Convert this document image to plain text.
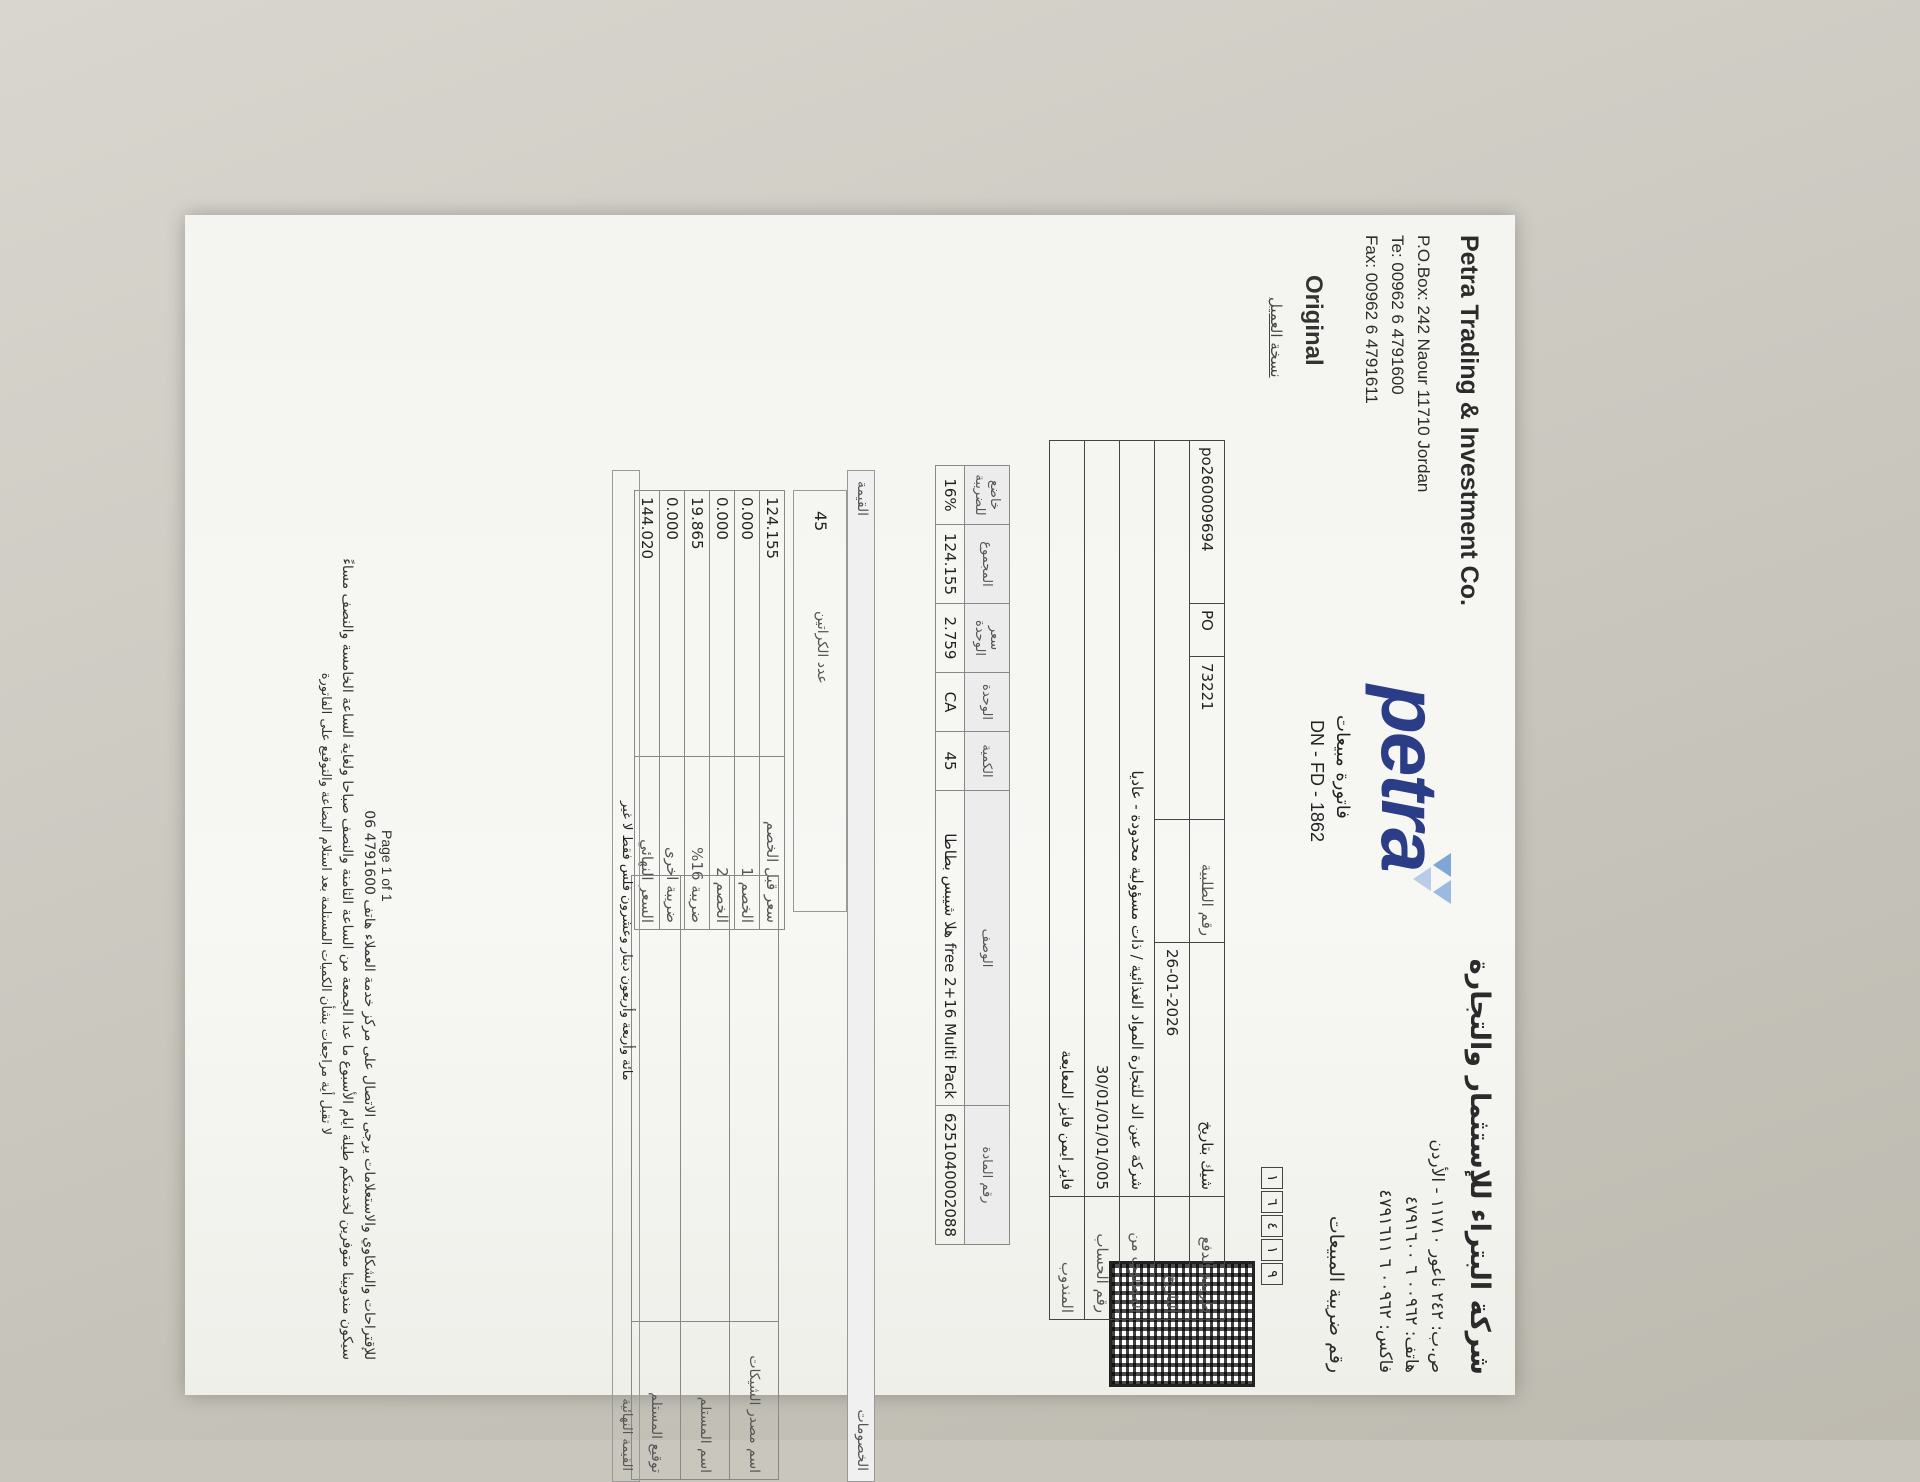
Petra Trading & Investment Co.
P.O.Box: 242 Naour 11710 Jordan
Te: 00962 6 4791600
Fax: 00962 6 4791611
Original
نسخة العميل
petra
فاتورة مبيعات
DN - FD - 1862
شركة البتراء للإستثمار والتجارة
ص.ب: ٢٤٢ ناعور ١١٧١٠ - الأردن
هاتف: ٠٠٩٦٢ ٦ ٤٧٩١٦٠٠
فاكس: ٠٠٩٦٢ ٦ ٤٧٩١٦١١
رقم ضريبة المبيعات
١
٦
٤
١
٩
po260009694	PO	73221	رقم الطلبية	شيك بتاريخ	طريقة الدفع
				26-01-2026	التاريخ
شركة عين الد للتجارة المواد الغذائية / ذات مسؤولية محدودة - عاديا					المطلوب من
30/01/01/01/005					رقم الحساب
فايز ايمن فايز المعايعة					المندوب
خاضع للضريبة	المجموع	سعر الوحدة	الوحدة	الكمية	الوصف	رقم المادة
16%	124.155	2.759	CA	45	free 2+16 Multi Pack هلا شيبس بطاطا	6251040002088
القيمة
الخصومات
45
عدد الكراتين
124.155	سعر قبل الخصم
0.000	الخصم 1
0.000	الخصم 2
19.865	ضريبة 16%
0.000	ضريبة اخرى
144.020	السعر النهائي
	اسم مصدر الشيكات
	اسم المستلم
	توقيع المستلم
مائة وأربعة وأربعون دينار وعشرون فلس فقط لا غير
القيمة النهائية
Page 1 of 1
للإقتراحات والشكاوي والاستعلامات يرجى الاتصال على مركز خدمة العملاء هاتف 4791600 06
سيكون مندوبينا متوفرين لخدمتكم طيلة ايام الأسبوع ما عدا الجمعة من الساعة الثامنة والنصف صباحا ولغاية الساعة الخامسة والنصف مساءً
لا تقبل أية مراجعات بشأن الكميات المستلمة بعد استلام البضاعة والتوقيع على الفاتورة
